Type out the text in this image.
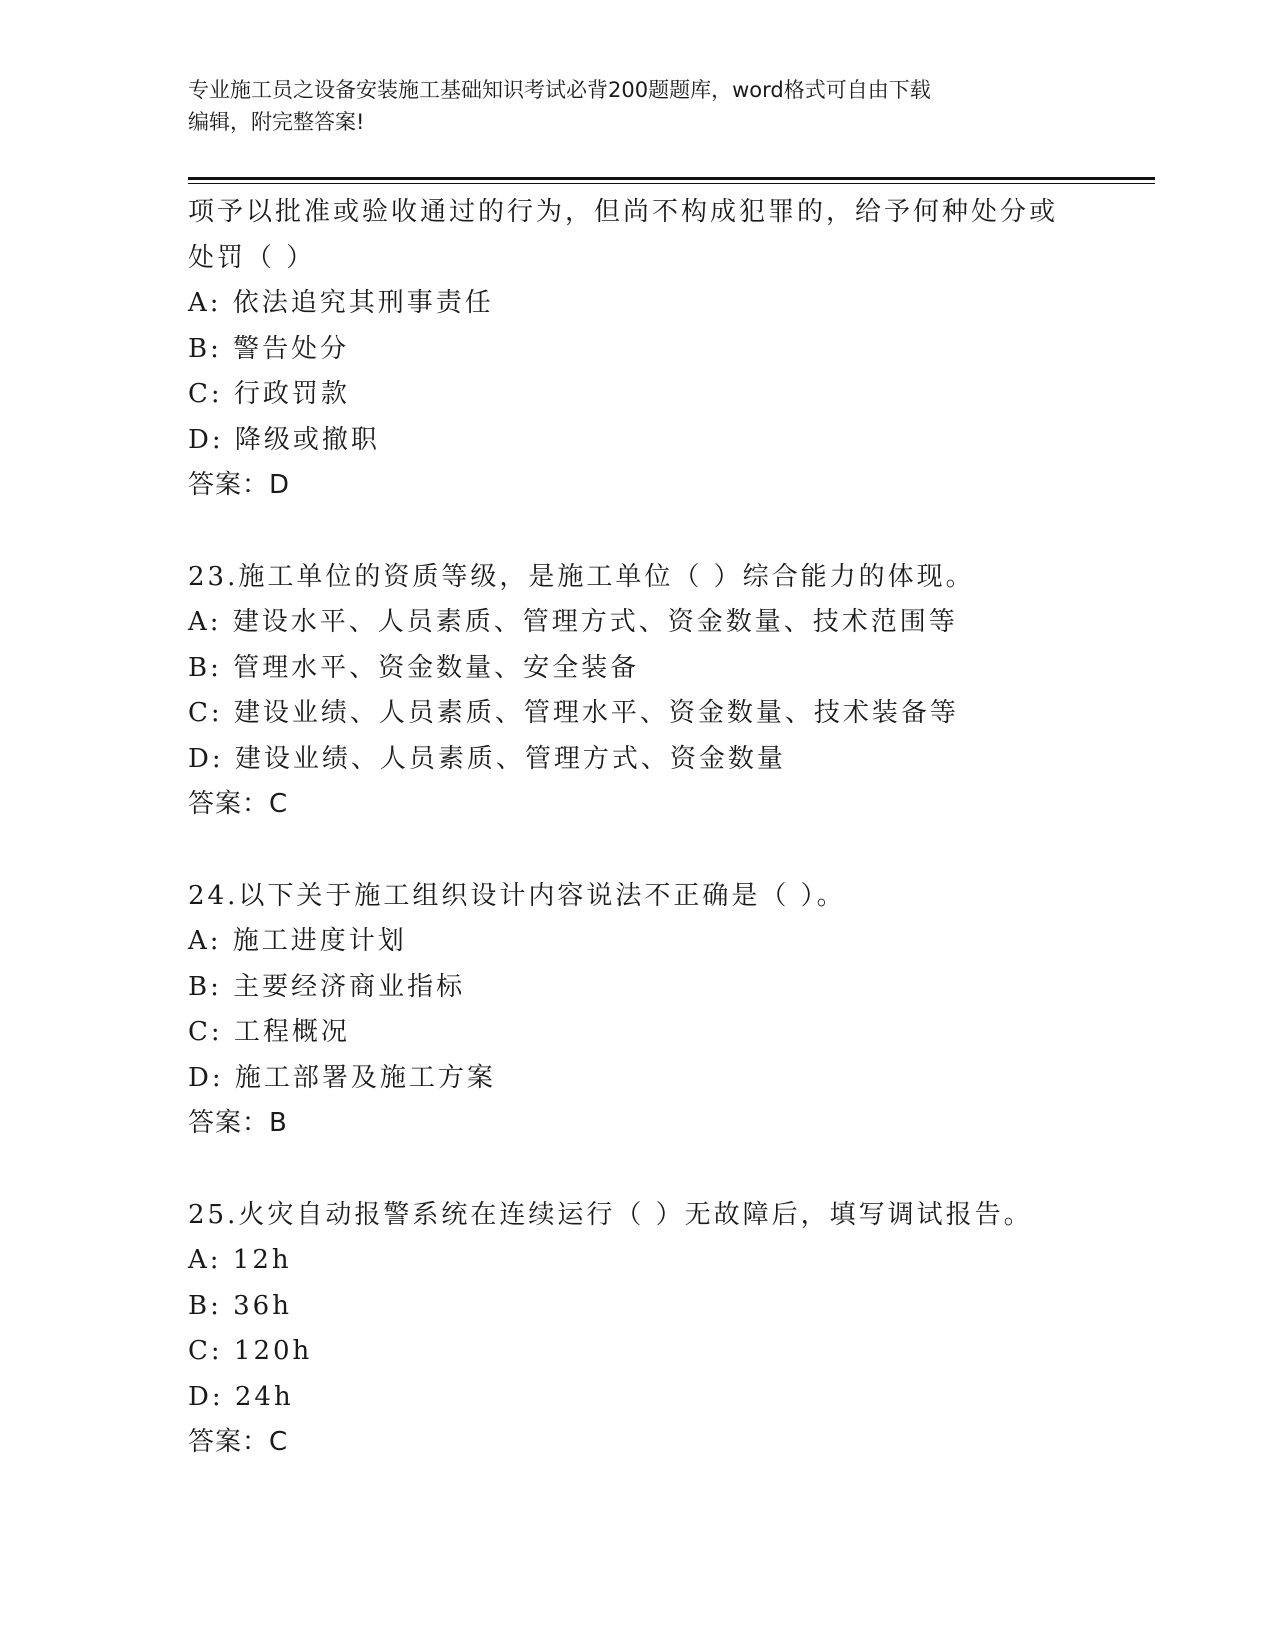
专业施工员之设备安装施工基础知识考试必背200题题库，word格式可自由下载
编辑，附完整答案!
项予以批准或验收通过的行为，但尚不构成犯罪的，给予何种处分或
处罚（ ）
A: 依法追究其刑事责任
B: 警告处分
C: 行政罚款
D: 降级或撤职
答案：D
23.施工单位的资质等级，是施工单位（ ）综合能力的体现。
A: 建设水平、人员素质、管理方式、资金数量、技术范围等
B: 管理水平、资金数量、安全装备
C: 建设业绩、人员素质、管理水平、资金数量、技术装备等
D: 建设业绩、人员素质、管理方式、资金数量
答案：C
24.以下关于施工组织设计内容说法不正确是（ ）。
A: 施工进度计划
B: 主要经济商业指标
C: 工程概况
D: 施工部署及施工方案
答案：B
25.火灾自动报警系统在连续运行（ ）无故障后，填写调试报告。
A: 12h
B: 36h
C: 120h
D: 24h
答案：C
